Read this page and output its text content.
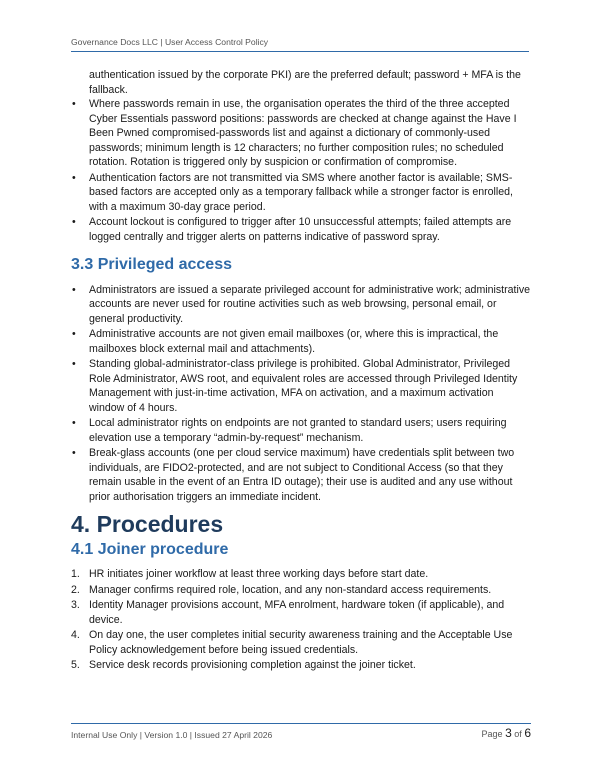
Governance Docs LLC | User Access Control Policy

authentication issued by the corporate PKI) are the preferred default; password + MFA is the fallback.

• Where passwords remain in use, the organisation operates the third of the three accepted Cyber Essentials password positions: passwords are checked at change against the Have I Been Pwned compromised-passwords list and against a dictionary of commonly-used passwords; minimum length is 12 characters; no further composition rules; no scheduled rotation. Rotation is triggered only by suspicion or confirmation of compromise.
• Authentication factors are not transmitted via SMS where another factor is available; SMS-based factors are accepted only as a temporary fallback while a stronger factor is enrolled, with a maximum 30-day grace period.
• Account lockout is configured to trigger after 10 unsuccessful attempts; failed attempts are logged centrally and trigger alerts on patterns indicative of password spray.
3.3 Privileged access
• Administrators are issued a separate privileged account for administrative work; administrative accounts are never used for routine activities such as web browsing, personal email, or general productivity.
• Administrative accounts are not given email mailboxes (or, where this is impractical, the mailboxes block external mail and attachments).
• Standing global-administrator-class privilege is prohibited. Global Administrator, Privileged Role Administrator, AWS root, and equivalent roles are accessed through Privileged Identity Management with just-in-time activation, MFA on activation, and a maximum activation window of 4 hours.
• Local administrator rights on endpoints are not granted to standard users; users requiring elevation use a temporary “admin-by-request” mechanism.
• Break-glass accounts (one per cloud service maximum) have credentials split between two individuals, are FIDO2-protected, and are not subject to Conditional Access (so that they remain usable in the event of an Entra ID outage); their use is audited and any use without prior authorisation triggers an immediate incident.
4. Procedures
4.1 Joiner procedure
1. HR initiates joiner workflow at least three working days before start date.
2. Manager confirms required role, location, and any non-standard access requirements.
3. Identity Manager provisions account, MFA enrolment, hardware token (if applicable), and device.
4. On day one, the user completes initial security awareness training and the Acceptable Use Policy acknowledgement before being issued credentials.
5. Service desk records provisioning completion against the joiner ticket.
Internal Use Only | Version 1.0 | Issued 27 April 2026	Page 3 of 6
